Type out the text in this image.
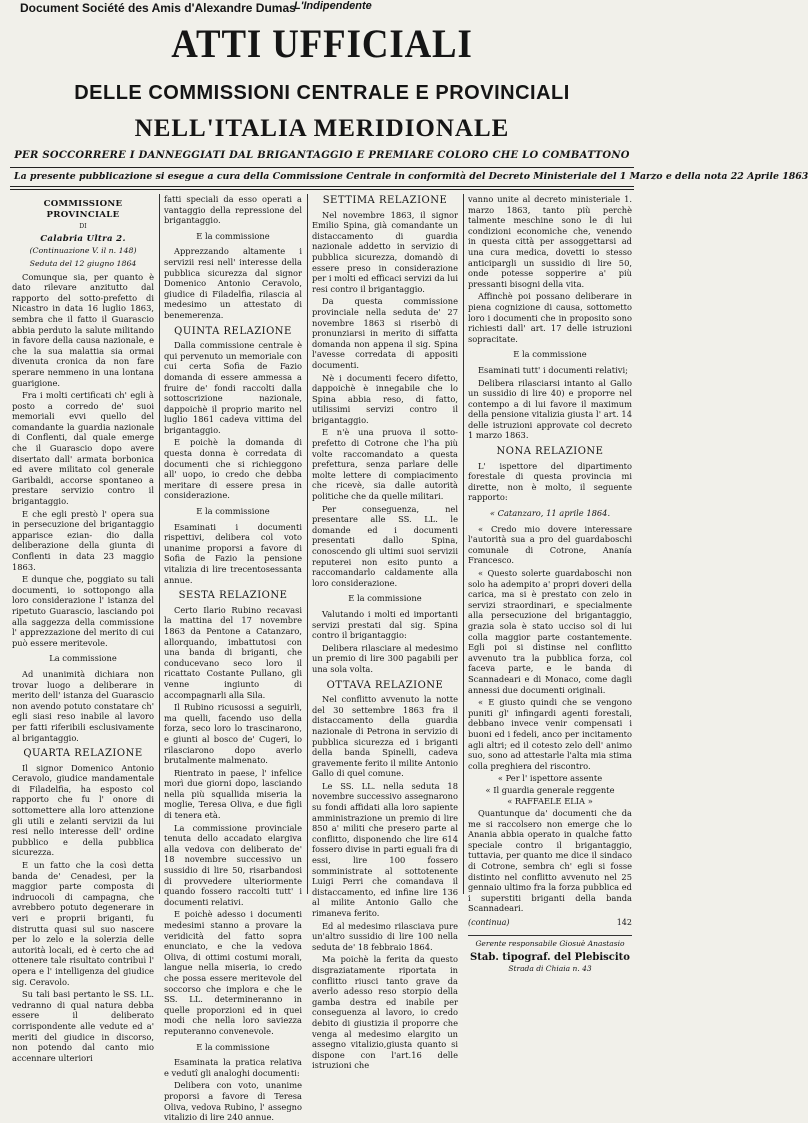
Document Société des Amis d'Alexandre Dumas
L'Indipendente
ATTI UFFICIALI
DELLE COMMISSIONI CENTRALE E PROVINCIALI
NELL'ITALIA MERIDIONALE
PER SOCCORRERE I DANNEGGIATI DAL BRIGANTAGGIO E PREMIARE COLORO CHE LO COMBATTONO
La presente pubblicazione si esegue a cura della Commissione Centrale in conformità del Decreto Ministeriale del 1 Marzo e della nota 22 Aprile 1863
COMMISSIONE PROVINCIALE
DI
Calabria Ultra 2.
(Continuazione V. il n. 148)
Seduta del 12 giugno 1864

Comunque sia, per quanto è dato rilevare anzitutto dal rapporto del sotto-prefetto di Nicastro in data 16 luglio 1863, sembra che il fatto il Guarascio abbia perduto la salute militando in favore della causa nazionale, e che la sua malattia sia ormai divenuta cronica da non fare sperare nemmeno in una lontana guarigione.

Fra i molti certificati ch' egli à posto a corredo de' suoi memoriali evvi quello del comandante la guardia nazionale di Conflenti, dal quale emerge che il Guarascio dopo avere disertato dall' armata borbonica ed avere militato col generale Garibaldi, accorse spontaneo a prestare servizio contro il brigantaggio.

E che egli prestò l' opera sua in persecuzione del brigantaggio apparisce ezian- dio dalla deliberazione della giunta di Conflenti in data 23 maggio 1863.

E dunque che, poggiato su tali documenti, io sottopongo alla loro considerazione l' istanza del ripetuto Guarascio, lasciando poi alla saggezza della commissione l' apprezzazione del merito di cui può essere meritevole.

La commissione

Ad unanimità dichiara non trovar luogo a deliberare in merito dell' istanza del Guarascio non avendo potuto constatare ch' egli siasi reso inabile al lavoro per fatti riferibili esclusivamente al brigantaggio.

QUARTA RELAZIONE

Il signor Domenico Antonio Ceravolo, giudice mandamentale di Filadelfia, ha esposto col rapporto che fu l' onore di sottomettere alla loro attenzione gli utili e zelanti servizii da lui resi nello interesse dell' ordine pubblico e della pubblica sicurezza.

E un fatto che la così detta banda de' Cenadesi, per la maggior parte composta di indruocoli di campagna, che avrebbero potuto degenerare in veri e proprii briganti, fu distrutta quasi sul suo nascere per lo zelo e la solerzia delle autorità locali, ed è certo che ad ottenere tale risultato contribuì l' opera e l' intelligenza del giudice sig. Ceravolo.

Su tali basi pertanto le SS. LL. vedranno di qual natura debba essere il deliberato corrispondente alle vedute ed a' meriti del giudice in discorso, non potendo dal canto mio accennare ulteriori

fatti speciali da esso operati a vantaggio della repressione del brigantaggio.

E la commissione

Apprezzando altamente i servizii resi nell' interesse della pubblica sicurezza dal signor Domenico Antonio Ceravolo, giudice di Filadelfia, rilascia al medesimo un attestato di benemerenza.

QUINTA RELAZIONE

Dalla commissione centrale è qui pervenuto un memoriale con cui certa Sofia de Fazio domanda di essere ammessa a fruire de' fondi raccolti dalla sottoscrizione nazionale, dappoichè il proprio marito nel luglio 1861 cadeva vittima del brigantaggio.

E poichè la domanda di questa donna è corredata di documenti che si richieggono all' uopo, io credo che debba meritare di essere presa in considerazione.

E la commissione

Esaminati i documenti rispettivi, delibera col voto unanime proporsi a favore di Sofia de Fazio la pensione vitalizia di lire trecentosessanta annue.

SESTA RELAZIONE

Certo Ilario Rubino recavasi la mattina del 17 novembre 1863 da Pentone a Catanzaro, allorquando, imbattutosi con una banda di briganti, che conducevano seco loro il ricattato Costante Pullano, gli venne ingiunto di accompagnarli alla Sila.

Il Rubino ricusossi a seguirli, ma quelli, facendo uso della forza, seco loro lo trascinarono, e giunti al bosco de' Cugeri, lo rilasciarono dopo averlo brutalmente malmenato.

Rientrato in paese, l' infelice morì due giorni dopo, lasciando nella più squallida miseria la moglie, Teresa Oliva, e due figli di tenera età.

La commissione provinciale tenuta dello accadato elargiva alla vedova con deliberato de' 18 novembre successivo un sussidio di lire 50, risarbandosi di provvedere ulteriormente quando fossero raccolti tutt' i documenti relativi.

E poichè adesso i documenti medesimi stanno a provare la veridicità del fatto sopra enunciato, e che la vedova Oliva, di ottimi costumi morali, langue nella miseria, io credo che possa essere meritevole del soccorso che implora e che le SS. LL. determineranno in quelle proporzioni ed in quei modi che nella loro saviezza reputeranno convenevole.

E la commissione

Esaminata la pratica relativa e vedutî gli analoghi documenti:

Delibera con voto, unanime proporsi a favore di Teresa Oliva, vedova Rubino, l' assegno vitalizio di lire 240 annue.

SETTIMA RELAZIONE

Nel novembre 1863, il signor Emilio Spina, già comandante un distaccamento di guardia nazionale addetto in servizio di pubblica sicurezza, domandò di essere preso in considerazione per i molti ed efficaci servizi da lui resi contro il brigantaggio.

Da questa commissione provinciale nella seduta de' 27 novembre 1863 si riserbò di pronunziarsi in merito di siffatta domanda non appena il sig. Spina l'avesse corredata di appositi documenti.

Nè i documenti fecero difetto, dappoichè è innegabile che lo Spina abbia reso, di fatto, utilissimi servizi contro il brigantaggio.

E n'è una pruova il sotto-prefetto di Cotrone che l'ha più volte raccomandato a questa prefettura, senza parlare delle molte lettere di compiacimento che ricevè, sia dalle autorità politiche che da quelle militari.

Per conseguenza, nel presentare alle SS. LL. le domande ed i documenti presentati dallo Spina, conoscendo gli ultimi suoi servizii reputerei non esito punto a raccomandarlo caldamente alla loro considerazione.

E la commissione

Valutando i molti ed importanti servizi prestati dal sig. Spina contro il brigantaggio:

Delibera rilasciare al medesimo un premio di lire 300 pagabili per una sola volta.

OTTAVA RELAZIONE

Nel conflitto avvenuto la notte del 30 settembre 1863 fra il distaccamento della guardia nazionale di Petrona in servizio di pubblica sicurezza ed i briganti della banda Spinelli, cadeva gravemente ferito il milite Antonio Gallo di quel comune.

Le SS. LL. nella seduta 18 novembre successivo assegnarono su fondi affidati alla loro sapiente amministrazione un premio di lire 850 a' militi che presero parte al conflitto, disponendo che lire 614 fossero divise in parti eguali fra di essi, lire 100 fossero somministrate al sottotenente Luigi Perri che comandava il distaccamento, ed infine lire 136 al milite Antonio Gallo che rimaneva ferito.

Ed al medesimo rilasciava pure un'altro sussidio di lire 100 nella seduta de' 18 febbraio 1864.

Ma poichè la ferita da questo disgraziatamente riportata in conflitto riusci tanto grave da averlo adesso reso storpio della gamba destra ed inabile per conseguenza al lavoro, io credo debito di giustizia il proporre che venga al medesimo elargito un assegno vitalizio,giusta quanto si dispone con l'art.16 delle istruzioni che

vanno unite al decreto ministeriale 1. marzo 1863, tanto più perchè talmente meschine sono le di lui condizioni economiche che, venendo in questa città per assoggettarsi ad una cura medica, dovetti io stesso anticipargli un sussidio di lire 50, onde potesse sopperire a' più pressanti bisogni della vita.

Affinchè poi possano deliberare in piena cognizione di causa, sottometto loro i documenti che in proposito sono richiesti dall' art. 17 delle istruzioni sopracitate.

E la commissione

Esaminati tutt' i documenti relativi;

Delibera rilasciarsi intanto al Gallo un sussidio di lire 40) e proporre nel contempo a di lui favore il maximum della pensione vitalizia giusta l' art. 14 delle istruzioni approvate col decreto 1 marzo 1863.

NONA RELAZIONE

L' ispettore del dipartimento forestale di questa provincia mi dirette, non è molto, il seguente rapporto:

« Catanzaro, 11 aprile 1864.

« Credo mio dovere interessare l'autorità sua a pro del guardaboschi comunale di Cotrone, Ananía Francesco.

« Questo solerte guardaboschi non solo ha adempito a' propri doveri della carica, ma si è prestato con zelo in servizi straordinari, e specialmente alla persecuzione del brigantaggio, grazia sola è stato ucciso sol di lui colla maggior parte costantemente. Egli poi si distinse nel conflitto avvenuto tra la pubblica forza, col faceva parte, e le banda di Scannadeari e di Monaco, come dagli annessi due documenti originali.

« E giusto quindi che se vengono puniti gl' infingardi agenti forestali, debbano invece venir compensati i buoni ed i fedeli, anco per incitamento agli altri; ed il cotesto zelo dell' animo suo, sono ad attestarle l'alta mia stima colla preghiera del riscontro.

« Per l' ispettore assente
« Il guardia generale reggente
« RAFFAELE ELIA »

Quantunque da' documenti che da me si raccolsero non emerge che lo Anania abbia operato in qualche fatto speciale contro il brigantaggio, tuttavia, per quanto me dice il sindaco di Cotrone, sembra ch' egli si fosse distinto nel conflitto avvenuto nel 25 gennaio ultimo fra la forza pubblica ed i superstiti briganti della banda Scannadeari.

(continua)	142
Gerente responsabile Giosuè Anastasio
Stab. tipograf. del Plebiscito
Strada di Chiaia n. 43
